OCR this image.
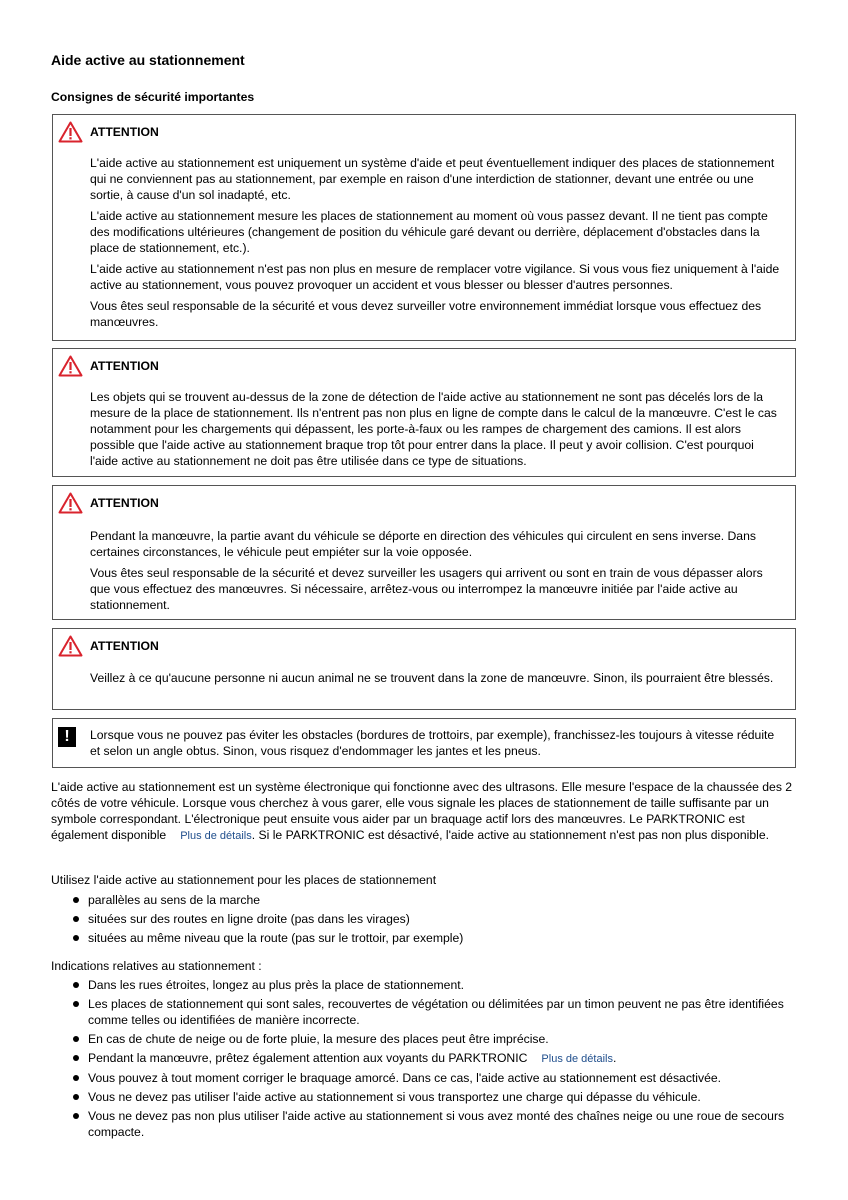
Aide active au stationnement
Consignes de sécurité importantes
ATTENTION

L'aide active au stationnement est uniquement un système d'aide et peut éventuellement indiquer des places de stationnement qui ne conviennent pas au stationnement, par exemple en raison d'une interdiction de stationner, devant une entrée ou une sortie, à cause d'un sol inadapté, etc.

L'aide active au stationnement mesure les places de stationnement au moment où vous passez devant. Il ne tient pas compte des modifications ultérieures (changement de position du véhicule garé devant ou derrière, déplacement d'obstacles dans la place de stationnement, etc.).

L'aide active au stationnement n'est pas non plus en mesure de remplacer votre vigilance. Si vous vous fiez uniquement à l'aide active au stationnement, vous pouvez provoquer un accident et vous blesser ou blesser d'autres personnes.

Vous êtes seul responsable de la sécurité et vous devez surveiller votre environnement immédiat lorsque vous effectuez des manœuvres.

ATTENTION

Les objets qui se trouvent au-dessus de la zone de détection de l'aide active au stationnement ne sont pas décelés lors de la mesure de la place de stationnement. Ils n'entrent pas non plus en ligne de compte dans le calcul de la manœuvre. C'est le cas notamment pour les chargements qui dépassent, les porte-à-faux ou les rampes de chargement des camions. Il est alors possible que l'aide active au stationnement braque trop tôt pour entrer dans la place. Il peut y avoir collision. C'est pourquoi l'aide active au stationnement ne doit pas être utilisée dans ce type de situations.

ATTENTION

Pendant la manœuvre, la partie avant du véhicule se déporte en direction des véhicules qui circulent en sens inverse. Dans certaines circonstances, le véhicule peut empiéter sur la voie opposée.

Vous êtes seul responsable de la sécurité et devez surveiller les usagers qui arrivent ou sont en train de vous dépasser alors que vous effectuez des manœuvres. Si nécessaire, arrêtez-vous ou interrompez la manœuvre initiée par l'aide active au stationnement.

ATTENTION

Veillez à ce qu'aucune personne ni aucun animal ne se trouvent dans la zone de manœuvre. Sinon, ils pourraient être blessés.

!	Lorsque vous ne pouvez pas éviter les obstacles (bordures de trottoirs, par exemple), franchissez-les toujours à vitesse réduite et selon un angle obtus. Sinon, vous risquez d'endommager les jantes et les pneus.

L'aide active au stationnement est un système électronique qui fonctionne avec des ultrasons. Elle mesure l'espace de la chaussée des 2 côtés de votre véhicule. Lorsque vous cherchez à vous garer, elle vous signale les places de stationnement de taille suffisante par un symbole correspondant. L'électronique peut ensuite vous aider par un braquage actif lors des manœuvres. Le PARKTRONIC est également disponible Plus de détails. Si le PARKTRONIC est désactivé, l'aide active au stationnement n'est pas non plus disponible.

Utilisez l'aide active au stationnement pour les places de stationnement

parallèles au sens de la marche
situées sur des routes en ligne droite (pas dans les virages)
situées au même niveau que la route (pas sur le trottoir, par exemple)

Indications relatives au stationnement :

Dans les rues étroites, longez au plus près la place de stationnement.
Les places de stationnement qui sont sales, recouvertes de végétation ou délimitées par un timon peuvent ne pas être identifiées comme telles ou identifiées de manière incorrecte.
En cas de chute de neige ou de forte pluie, la mesure des places peut être imprécise.
Pendant la manœuvre, prêtez également attention aux voyants du PARKTRONIC Plus de détails.
Vous pouvez à tout moment corriger le braquage amorcé. Dans ce cas, l'aide active au stationnement est désactivée.
Vous ne devez pas utiliser l'aide active au stationnement si vous transportez une charge qui dépasse du véhicule.
Vous ne devez pas non plus utiliser l'aide active au stationnement si vous avez monté des chaînes neige ou une roue de secours compacte.
